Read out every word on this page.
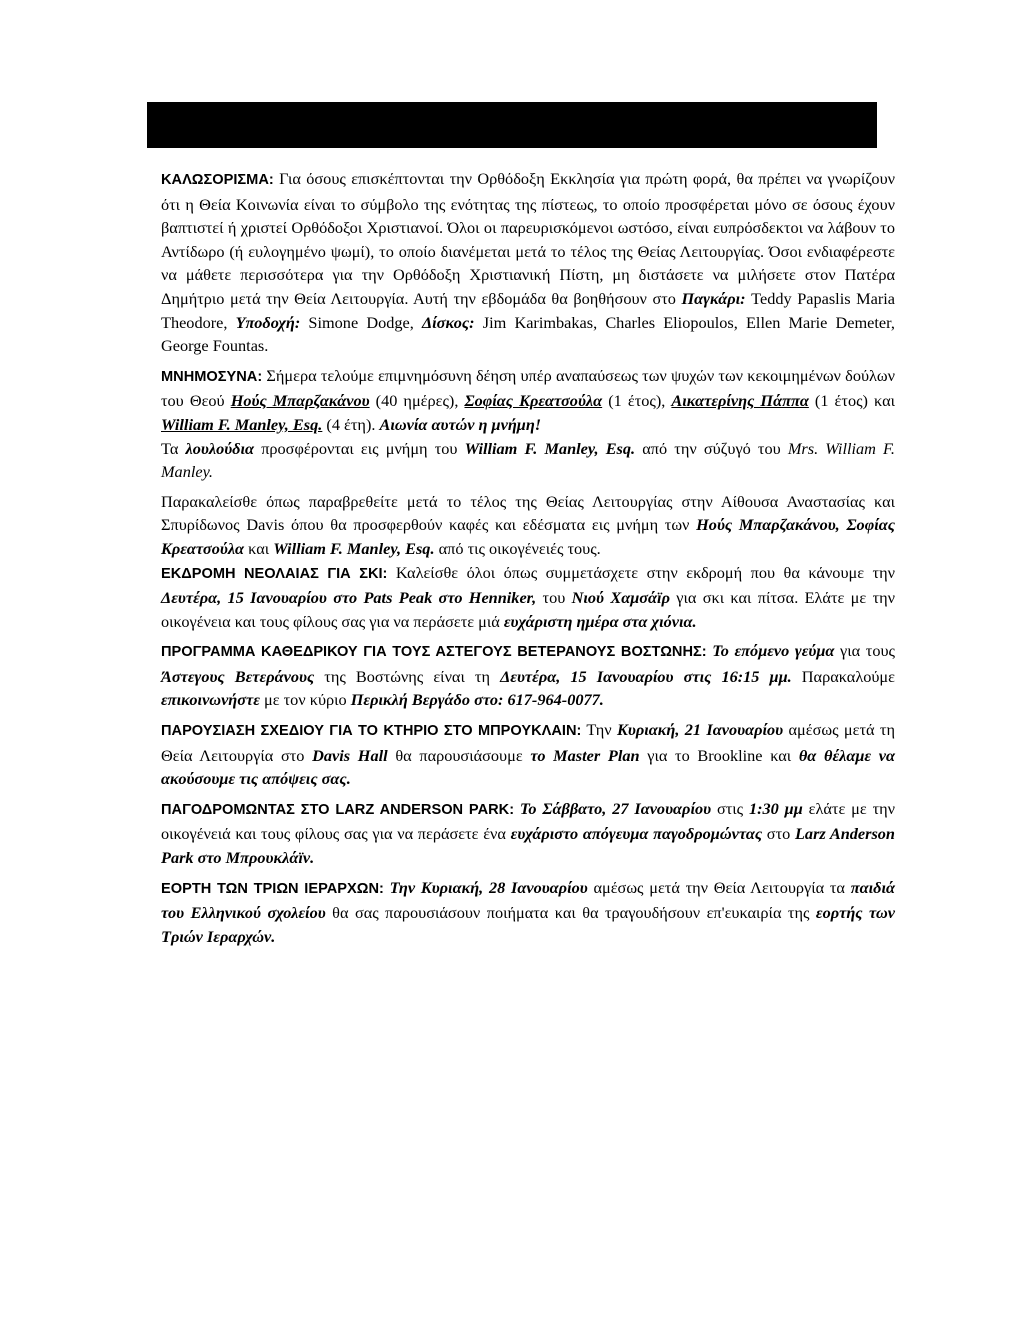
ΚΑΛΩΣΟΡΙΣΜΑ: Για όσους επισκέπτονται την Ορθόδοξη Εκκλησία για πρώτη φορά, θα πρέπει να γνωρίζουν ότι η Θεία Κοινωνία είναι το σύμβολο της ενότητας της πίστεως, το οποίο προσφέρεται μόνο σε όσους έχουν βαπτιστεί ή χριστεί Ορθόδοξοι Χριστιανοί. Όλοι οι παρευρισκόμενοι ωστόσο, είναι ευπρόσδεκτοι να λάβουν το Αντίδωρο (ή ευλογημένο ψωμί), το οποίο διανέμεται μετά το τέλος της Θείας Λειτουργίας. Όσοι ενδιαφέρεστε να μάθετε περισσότερα για την Ορθόδοξη Χριστιανική Πίστη, μη διστάσετε να μιλήσετε στον Πατέρα Δημήτριο μετά την Θεία Λειτουργία. Αυτή την εβδομάδα θα βοηθήσουν στο Παγκάρι: Teddy Papaslis Maria Theodore, Υποδοχή: Simone Dodge, Δίσκος: Jim Karimbakas, Charles Eliopoulos, Ellen Marie Demeter, George Fountas.

ΜΝΗΜΟΣΥΝΑ: Σήμερα τελούμε επιμνημόσυνη δέηση υπέρ αναπαύσεως των ψυχών των κεκοιμημένων δούλων του Θεού Ηούς Μπαρζακάνου (40 ημέρες), Σοφίας Κρεατσούλα (1 έτος), Αικατερίνης Πάππα (1 έτος) και William F. Manley, Esq. (4 έτη). Αιωνία αυτών η μνήμη!

Τα λουλούδια προσφέρονται εις μνήμη του William F. Manley, Esq. από την σύζυγό του Mrs. William F. Manley.

Παρακαλείσθε όπως παραβρεθείτε μετά το τέλος της Θείας Λειτουργίας στην Αίθουσα Αναστασίας και Σπυρίδωνος Davis όπου θα προσφερθούν καφές και εδέσματα εις μνήμη των Ηούς Μπαρζακάνου, Σοφίας Κρεατσούλα και William F. Manley, Esq. από τις οικογένειές τους.

ΕΚΔΡΟΜΗ ΝΕΟΛΑΙΑΣ ΓΙΑ ΣΚΙ: Καλείσθε όλοι όπως συμμετάσχετε στην εκδρομή που θα κάνουμε την Δευτέρα, 15 Ιανουαρίου στο Pats Peak στο Henniker, του Νιού Χαμσάϊρ για σκι και πίτσα. Ελάτε με την οικογένεια και τους φίλους σας για να περάσετε μιά ευχάριστη ημέρα στα χιόνια.

ΠΡΟΓΡΑΜΜΑ ΚΑΘΕΔΡΙΚΟΥ ΓΙΑ ΤΟΥΣ ΑΣΤΕΓΟΥΣ ΒΕΤΕΡΑΝΟΥΣ ΒΟΣΤΩΝΗΣ: Το επόμενο γεύμα για τους Άστεγους Βετεράνους της Βοστώνης είναι τη Δευτέρα, 15 Ιανουαρίου στις 16:15 μμ. Παρακαλούμε επικοινωνήστε με τον κύριο Περικλή Βεργάδο στο: 617-964-0077.

ΠΑΡΟΥΣΙΑΣΗ ΣΧΕΔΙΟΥ ΓΙΑ ΤΟ ΚΤΗΡΙΟ ΣΤΟ ΜΠΡΟΥΚΛΑΙΝ: Την Κυριακή, 21 Ιανουαρίου αμέσως μετά τη Θεία Λειτουργία στο Davis Hall θα παρουσιάσουμε το Master Plan για το Brookline και θα θέλαμε να ακούσουμε τις απόψεις σας.

ΠΑΓΟΔΡΟΜΩΝΤΑΣ ΣΤΟ LARZ ANDERSON PARK: Το Σάββατο, 27 Ιανουαρίου στις 1:30 μμ ελάτε με την οικογένειά και τους φίλους σας για να περάσετε ένα ευχάριστο απόγευμα παγοδρομώντας στο Larz Anderson Park στο Μπρουκλάϊν.

ΕΟΡΤΗ ΤΩΝ ΤΡΙΩΝ ΙΕΡΑΡΧΩΝ: Την Κυριακή, 28 Ιανουαρίου αμέσως μετά την Θεία Λειτουργία τα παιδιά του Ελληνικού σχολείου θα σας παρουσιάσουν ποιήματα και θα τραγουδήσουν επ'ευκαιρία της εορτής των Τριών Ιεραρχών.
